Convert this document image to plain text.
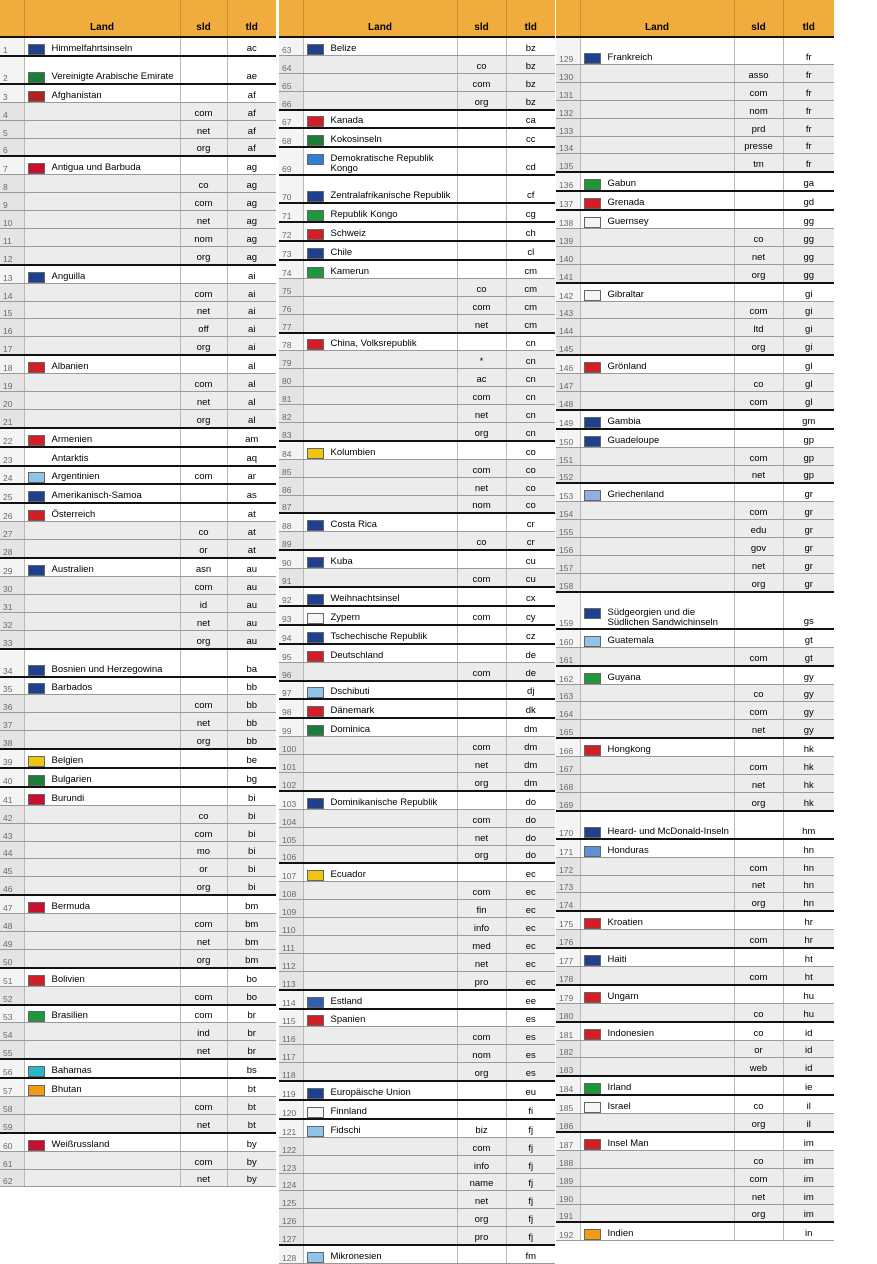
	Land	sld	tld
1	Himmelfahrtsinseln		ac
2	Vereinigte Arabische Emirate		ae
3	Afghanistan		af
4		com	af
5		net	af
6		org	af
7	Antigua und Barbuda		ag
8		co	ag
9		com	ag
10		net	ag
11		nom	ag
12		org	ag
13	Anguilla		ai
14		com	ai
15		net	ai
16		off	ai
17		org	ai
18	Albanien		al
19		com	al
20		net	al
21		org	al
22	Armenien		am
23	Antarktis		aq
24	Argentinien	com	ar
25	Amerikanisch-Samoa		as
26	Österreich		at
27		co	at
28		or	at
29	Australien	asn	au
30		com	au
31		id	au
32		net	au
33		org	au
34	Bosnien und Herzegowina		ba
35	Barbados		bb
36		com	bb
37		net	bb
38		org	bb
39	Belgien		be
40	Bulgarien		bg
41	Burundi		bi
42		co	bi
43		com	bi
44		mo	bi
45		or	bi
46		org	bi
47	Bermuda		bm
48		com	bm
49		net	bm
50		org	bm
51	Bolivien		bo
52		com	bo
53	Brasilien	com	br
54		ind	br
55		net	br
56	Bahamas		bs
57	Bhutan		bt
58		com	bt
59		net	bt
60	Weißrussland		by
61		com	by
62		net	by
	Land	sld	tld
63	Belize		bz
64		co	bz
65		com	bz
66		org	bz
67	Kanada		ca
68	Kokosinseln		cc
69	Demokratische Republik Kongo		cd
70	Zentralafrikanische Republik		cf
71	Republik Kongo		cg
72	Schweiz		ch
73	Chile		cl
74	Kamerun		cm
75		co	cm
76		com	cm
77		net	cm
78	China, Volksrepublik		cn
79		*	cn
80		ac	cn
81		com	cn
82		net	cn
83		org	cn
84	Kolumbien		co
85		com	co
86		net	co
87		nom	co
88	Costa Rica		cr
89		co	cr
90	Kuba		cu
91		com	cu
92	Weihnachtsinsel		cx
93	Zypern	com	cy
94	Tschechische Republik		cz
95	Deutschland		de
96		com	de
97	Dschibuti		dj
98	Dänemark		dk
99	Dominica		dm
100		com	dm
101		net	dm
102		org	dm
103	Dominikanische Republik		do
104		com	do
105		net	do
106		org	do
107	Ecuador		ec
108		com	ec
109		fin	ec
110		info	ec
111		med	ec
112		net	ec
113		pro	ec
114	Estland		ee
115	Spanien		es
116		com	es
117		nom	es
118		org	es
119	Europäische Union		eu
120	Finnland		fi
121	Fidschi	biz	fj
122		com	fj
123		info	fj
124		name	fj
125		net	fj
126		org	fj
127		pro	fj
128	Mikronesien		fm
	Land	sld	tld
129	Frankreich		fr
130		asso	fr
131		com	fr
132		nom	fr
133		prd	fr
134		presse	fr
135		tm	fr
136	Gabun		ga
137	Grenada		gd
138	Guernsey		gg
139		co	gg
140		net	gg
141		org	gg
142	Gibraltar		gi
143		com	gi
144		ltd	gi
145		org	gi
146	Grönland		gl
147		co	gl
148		com	gl
149	Gambia		gm
150	Guadeloupe		gp
151		com	gp
152		net	gp
153	Griechenland		gr
154		com	gr
155		edu	gr
156		gov	gr
157		net	gr
158		org	gr
159	Südgeorgien und die Südlichen Sandwichinseln		gs
160	Guatemala		gt
161		com	gt
162	Guyana		gy
163		co	gy
164		com	gy
165		net	gy
166	Hongkong		hk
167		com	hk
168		net	hk
169		org	hk
170	Heard- und McDonald-Inseln		hm
171	Honduras		hn
172		com	hn
173		net	hn
174		org	hn
175	Kroatien		hr
176		com	hr
177	Haiti		ht
178		com	ht
179	Ungarn		hu
180		co	hu
181	Indonesien	co	id
182		or	id
183		web	id
184	Irland		ie
185	Israel	co	il
186		org	il
187	Insel Man		im
188		co	im
189		com	im
190		net	im
191		org	im
192	Indien		in
